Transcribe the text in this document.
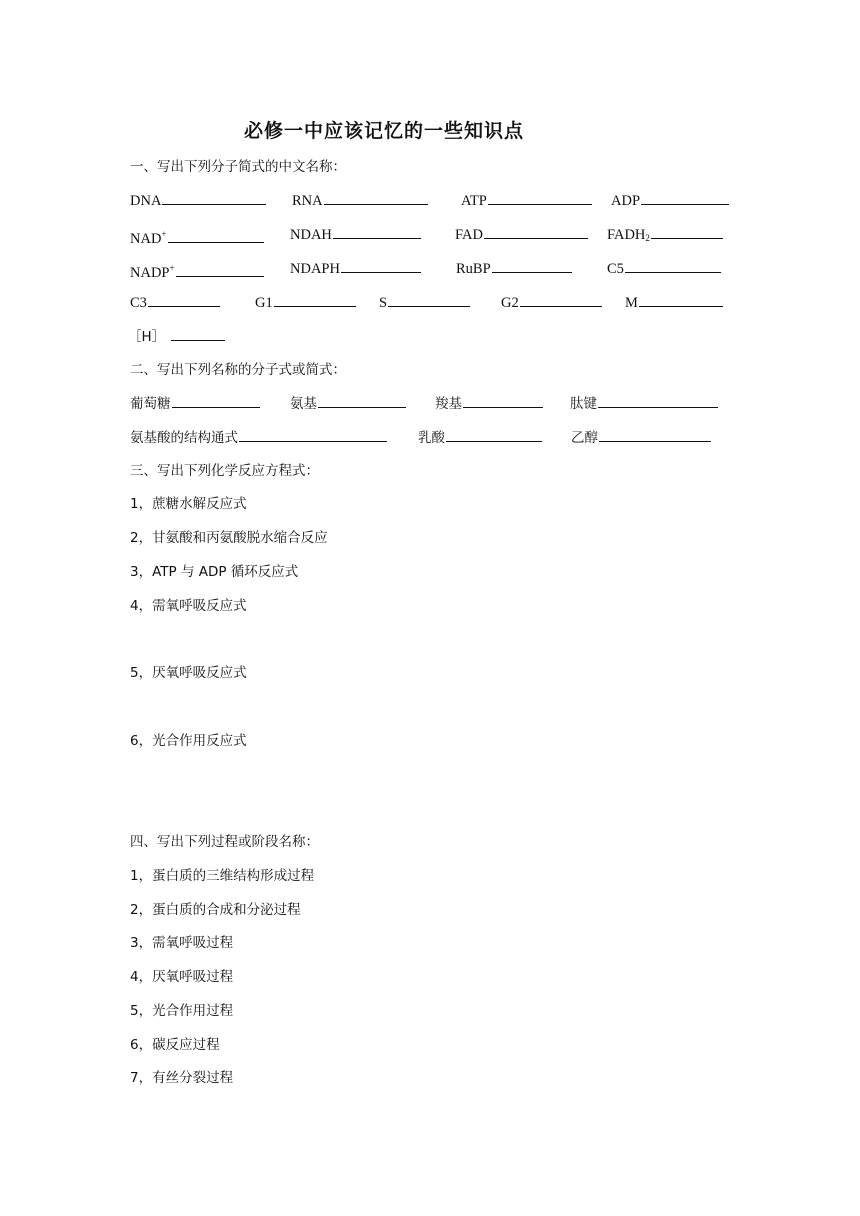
必修一中应该记忆的一些知识点
一、写出下列分子简式的中文名称：
DNA	RNA	ATP	ADP
NAD+	NDAH	FAD	$FADH_2$
NADP+	NDAPH	RuBP	C5
C3	G1	S	G2	M
［H］
二、写出下列名称的分子式或简式：
葡萄糖	氨基	羧基	肽键
氨基酸的结构通式	乳酸	乙醇
三、写出下列化学反应方程式：
1，蔗糖水解反应式
2，甘氨酸和丙氨酸脱水缩合反应
3，ATP 与 ADP 循环反应式
4，需氧呼吸反应式
5，厌氧呼吸反应式
6，光合作用反应式
四、写出下列过程或阶段名称：
1，蛋白质的三维结构形成过程
2，蛋白质的合成和分泌过程
3，需氧呼吸过程
4，厌氧呼吸过程
5，光合作用过程
6，碳反应过程
7，有丝分裂过程
